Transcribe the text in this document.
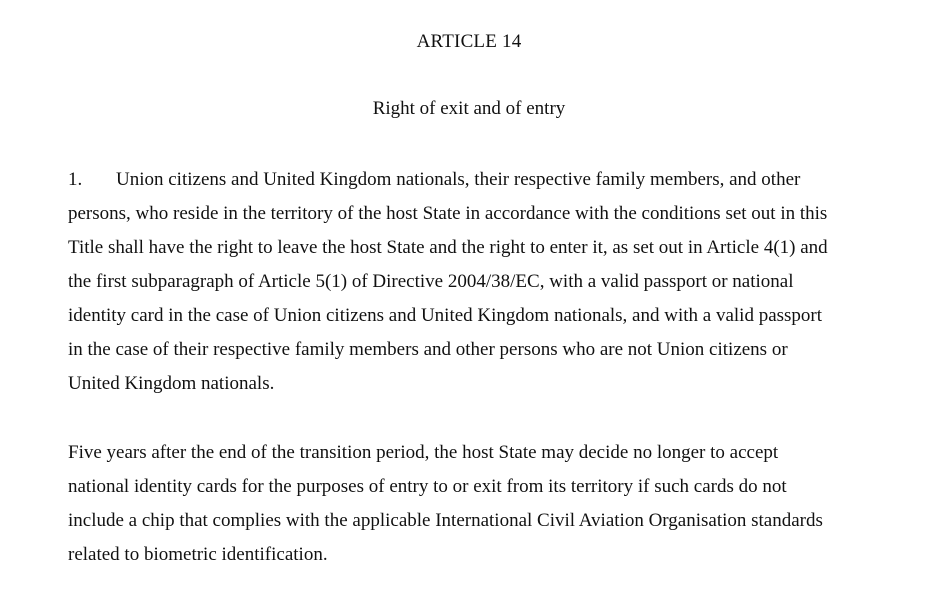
ARTICLE 14
Right of exit and of entry
1. Union citizens and United Kingdom nationals, their respective family members, and other
persons, who reside in the territory of the host State in accordance with the conditions set out in this
Title shall have the right to leave the host State and the right to enter it, as set out in Article 4(1) and
the first subparagraph of Article 5(1) of Directive 2004/38/EC, with a valid passport or national
identity card in the case of Union citizens and United Kingdom nationals, and with a valid passport
in the case of their respective family members and other persons who are not Union citizens or
United Kingdom nationals.
Five years after the end of the transition period, the host State may decide no longer to accept
national identity cards for the purposes of entry to or exit from its territory if such cards do not
include a chip that complies with the applicable International Civil Aviation Organisation standards
related to biometric identification.
